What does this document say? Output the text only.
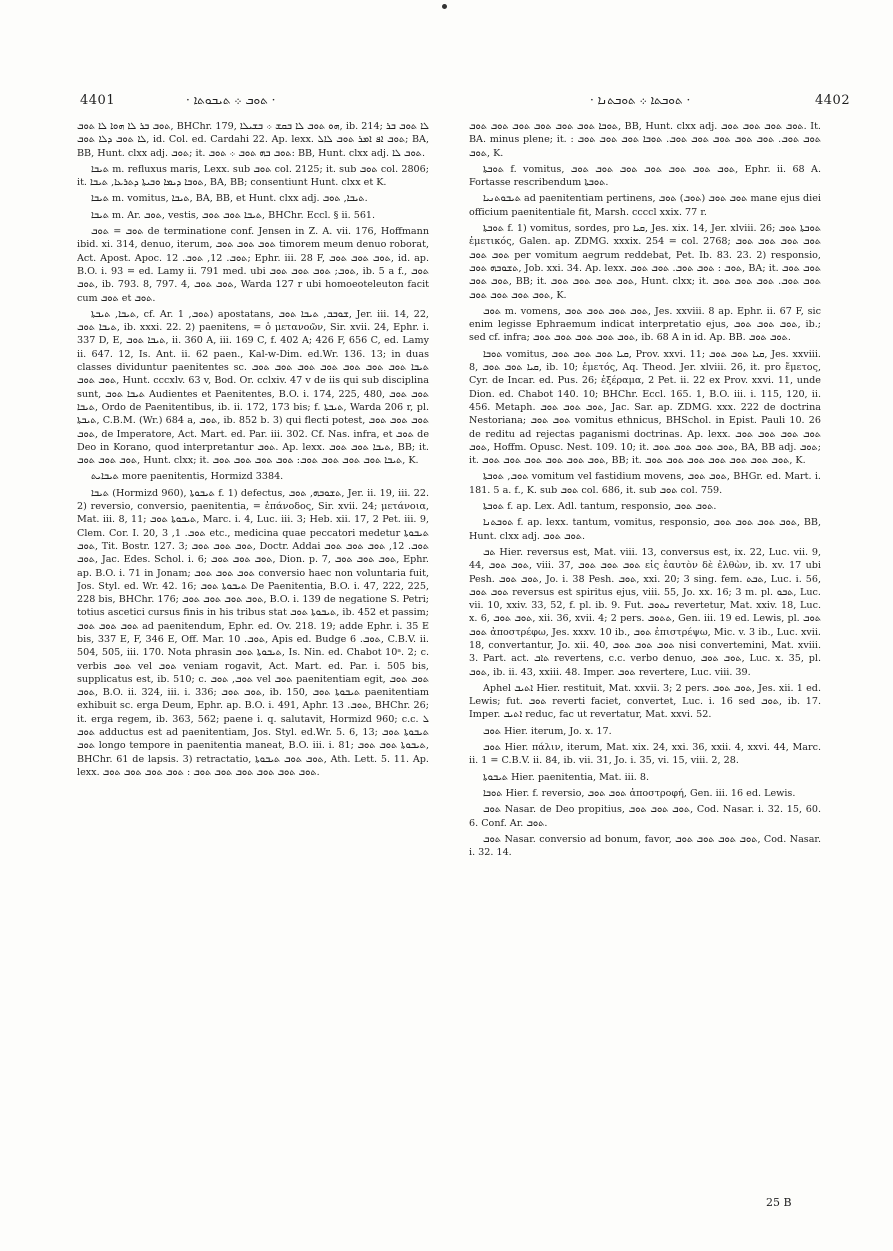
4401	· ܬܘܒ ܀ ܬܝܒܘܬܐ ·	· ܬܘܒܬܐ ܀ ܬܘܒܬܢܐ ·	4402

ܬܘܒ ܒܪ ܠܐ ܗܘܐ ܠܐ ܬܘܒ, BHChr. 179, ܗܘ ܬܘܒ ܠܐ ܒܩܫ ܀ ܒܫܝܠܐ, ib. 214; ܠܐ ܬܘܒ ܒܪ ܠܐ ܬܘܒ ܕܠܐ ܬܘܒ, id. Col. ed. Cardahi 22. Ap. lexx. ܬܘܒ ܐܦ ܐܡܪ ܬܘܒ ܠܐܠ; BA, BB, Hunt. clxx adj. ܬܘܒ; it. ܬܘܒ ܒܗ ܬܘܒ ܀ ܬܘܒ: BB, Hunt. clxx adj. ܬܘܒ ܠܐ.

ܬܝܒܐ m. refluxus maris, Lexx. sub ܬܘܒ col. 2125; it. sub ܬܘܒ col. 2806; it. ܬܘܒܐ ܕܝܡܐ ܘܒܝܬܐ ܕܬܪܥܐ, ܬܝܒܐ, BA, BB; consentiunt Hunt. clxx et K.

ܬܝܒܐ m. vomitus, ܬܝܒܐ, BA, BB, et Hunt. clxx adj. ܬܝܒܐ, ܬܘܒ.

ܬܝܒܐ m. Ar. ܬܘܒ, vestis, ܬܝܒܐ ܬܘܒ ܬܘܒ, BHChr. Eccl. § ii. 561.

ܬܘܒ = ܬܘܒ de terminatione conf. Jensen in Z. A. vii. 176, Hoffmann ibid. xi. 314, denuo, iterum, ܬܘܒ ܬܘܒ ܬܘܒ timorem meum denuo roborat, Act. Apost. Apoc. ܬܘܒ. 12, ܬܘܒ. 12; Ephr. iii. 28 F, ܬܘܒ ܬܘܒ ܬܘܒ, id. ap. B.O. i. 93 = ed. Lamy ii. 791 med. ubi ܬܘܒ; ܬܘܒ ܬܘܒ ܬܘܒ, ib. 5 a f., ܬܘܒ ܬܘܒ, ib. 793. 8, 797. 4, ܬܘܒ ܬܘܒ, Warda 127 r ubi homoeoteleuton facit cum ܬܘܒ et ܬܘܒ.

ܬܝܒܐ, ܬܝܒܬܐ, cf. Ar. ܬܘܒ, 1) apostatans, ܫܘܒܒ, ܬܝܒܐ ܬܘܒ, Jer. iii. 14, 22, ܬܝܒܐ ܬܘܒ, ib. xxxi. 22. 2) paenitens, = ὁ μετανοῶν, Sir. xvii. 24, Ephr. i. 337 D, E, ܬܝܒܐ ܬܘܒ, ii. 360 A, iii. 169 C, f. 402 A; 426 F, 656 C, ed. Lamy ii. 647. 12, Is. Ant. ii. 62 paen., Kal-w-Dim. ed.Wr. 136. 13; in duas classes dividuntur paenitentes sc. ܬܝܒܐ ܬܘܒ ܬܘܒ ܬܘܒ ܬܘܒ ܬܘܒ ܬܘܒ ܬܘܒ ܬܘܒ ܬܘܒ, Hunt. cccxlv. 63 v, Bod. Or. cclxiv. 47 v de iis qui sub disciplina sunt, ܬܝܒܐ ܬܘܒ Audientes et Paenitentes, B.O. i. 174, 225, 480, ܬܘܒ ܬܘܒ ܬܝܒܐ, Ordo de Paenitentibus, ib. ii. 172, 173 bis; f. ܬܝܒܬܐ, Warda 206 r, pl. ܬܝܒܬܐ, C.B.M. (Wr.) 684 a, ܬܘܒ, ib. 852 b. 3) qui flecti potest, ܬܘܒ ܬܘܒ ܬܘܒ ܬܘܒ, de Imperatore, Act. Mart. ed. Par. iii. 302. Cf. Nas. infra, et ܬܘܒ de Deo in Korano, quod interpretantur ܬܘܒ. Ap. lexx. ܬܝܒܐ ܬܘܒ ܬܘܒ, BB; it. ܬܘܒ ܬܘܒ ܬܘܒ, Hunt. clxx; it. ܬܝܒܐ ܬܘܒ ܬܘܒ ܬܘܒ ܬܘܒ: ܬܘܒ ܬܘܒ ܬܘܒ ܬܘܒ, K.

ܬܝܒܐܝܬ more paenitentis, Hormizd 3384.

ܬܝܒܐ (Hormizd 960), ܬܝܒܘܬܐ f. 1) defectus, ܬܫܘܒܗ, ܬܘܒ, Jer. ii. 19, iii. 22. 2) reversio, conversio, paenitentia, = ἐπάνοδος, Sir. xvii. 24; μετάνοια, Mat. iii. 8, 11; ܬܝܒܘܬܐ ܬܘܒ, Marc. i. 4, Luc. iii. 3; Heb. xii. 17, 2 Pet. iii. 9, Clem. Cor. I. 20, ܬܘܒ. 1, 3 etc., medicina quae peccatori medetur ܬܝܒܘܬܐ ܬܘܒ, Tit. Bostr. 127. 3; ܬܘܒ ܬܘܒ ܬܘܒ, Doctr. Addai ܬܘܒ. 12, ܬܘܒ ܬܘܒ ܬܘܒ ܬܘܒ, Jac. Edes. Schol. i. 6; ܬܘܒ ܬܘܒ ܬܘܒ, Dion. p. 7, ܬܘܒ ܬܘܒ ܬܘܒ, Ephr. ap. B.O. i. 71 in Jonam; ܬܘܒ ܬܘܒ ܬܘܒ conversio haec non voluntaria fuit, Jos. Styl. ed. Wr. 42. 16; ܬܝܒܘܬܐ ܬܘܒ De Paenitentia, B.O. i. 47, 222, 225, 228 bis, BHChr. 176; ܬܘܒ ܬܘܒ ܬܘܒ ܬܘܒ, B.O. i. 139 de negatione S. Petri; totius ascetici cursus finis in his tribus stat ܬܝܒܘܬܐ ܬܘܒ, ib. 452 et passim; ܬܘܒ ܬܘܒ ܬܘܒ ad paenitendum, Ephr. ed. Ov. 218. 19; adde Ephr. i. 35 E bis, 337 E, F, 346 E, Off. Mar. ܬܘܒ. 10, Apis ed. Budge ܬܘܒ. 6, C.B.V. ii. 504, 505, iii. 170. Nota phrasin ܬܝܒܘܬܐ ܬܘܒ, Is. Nin. ed. Chabot 10ᵃ. 2; c. verbis ܬܘܒ vel ܬܘܒ veniam rogavit, Act. Mart. ed. Par. i. 505 bis, supplicatus est, ib. 510; c. ܬܘܒ, ܬܘܒ vel ܬܘܒ paenitentiam egit, ܬܘܒ ܬܘܒ ܬܘܒ, B.O. ii. 324, iii. i. 336; ܬܘܒ ܬܘܒ, ib. 150, ܬܝܒܘܬܐ ܬܘܒ paenitentiam exhibuit sc. erga Deum, Ephr. ap. B.O. i. 491, Aphr. ܬܘܒ. 13, BHChr. 26; it. erga regem, ib. 363, 562; paene i. q. salutavit, Hormizd 960; c.c. ܠ ܬܘܒ adductus est ad paenitentiam, Jos. Styl. ed.Wr. 5. 6, 13; ܬܝܒܘܬܐ ܬܘܒ ܬܘܒ longo tempore in paenitentia maneat, B.O. iii. i. 81; ܬܝܒܘܬܐ ܬܘܒ ܬܘܒ, BHChr. 61 de lapsis. 3) retractatio, ܬܘܒ ܬܘܒ ܬܝܒܘܬܐ, Ath. Lett. 5. 11. Ap. lexx. ܬܘܒ ܬܘܒ ܬܘܒ ܬܘܒ ܬܘܒ ܬܘܒ : ܬܘܒ ܬܘܒ ܬܘܒ ܬܘܒ.

ܬܘܒܐ ܬܘܒ ܬܘܒ ܬܘܒ ܬܘܒ ܬܘܒ ܬܘܒ, BB, Hunt. clxx adj. ܬܘܒ ܬܘܒ ܬܘܒ ܬܘܒ. It. BA. minus plene; it. : ܬܘܒ ܬܘܒ. ܬܘܒ ܬܘܒ ܬܘܒ ܬܘܒ ܬܘܒ. ܬܘܒܐ ܬܘܒ ܬܘܒ ܬܘܒ ܬܘܒ, K.

ܬܘܒܬܐ f. vomitus, ܬܘܒ ܬܘܒ ܬܘܒ ܬܘܒ ܬܘܒ ܬܘܒ ܬܘܒ, Ephr. ii. 68 A. Fortasse rescribendum ܬܘܒܬܐ.

ܬܝܒܘܬܢܝܐ ad paenitentiam pertinens, ܬܘܒ ܬܘܒ (ܬܘܒ) ܬܘܒ mane ejus diei officium paenitentiale fit, Marsh. ccccl xxix. 77 r.

ܬܘܒܬܐ f. 1) vomitus, sordes, pro ܩܝܐ, Jes. xix. 14, Jer. xlviii. 26; ܬܘܒܬܐ ܬܘܒ ἐμετικός, Galen. ap. ZDMG. xxxix. 254 = col. 2768; ܬܘܒ ܬܘܒ ܬܘܒ ܬܘܒ ܬܘܒ ܬܘܒ per vomitum aegrum reddebat, Pet. Ib. 83. 23. 2) responsio, ܬܫܘܒܗ ܬܘܒ, Job. xxi. 34. Ap. lexx. ܬܘܒ : ܬܘܒ ܬܘܒ. ܬܘܒ ܬܘܒ, BA; it. ܬܘܒ ܬܘܒ ܬܘܒ ܬܘܒ, BB; it. ܬܘܒ ܬܘܒ ܬܘܒ ܬܘܒ, Hunt. clxx; it. ܬܘܒ ܬܘܒ. ܬܘܒ ܬܘܒ ܬܘܒ ܬܘܒ ܬܘܒ ܬܘܒ ܬܘܒ, K.

ܬܘܒ m. vomens, ܬܘܒ ܬܘܒ ܬܘܒ ܬܘܒ, Jes. xxviii. 8 ap. Ephr. ii. 67 F, sic enim legisse Ephraemum indicat interpretatio ejus, ܬܘܒ ܬܘܒ ܬܘܒ, ib.; sed cf. infra; ܬܘܒ ܬܘܒ ܬܘܒ ܬܘܒ ܬܘܒ, ib. 68 A in id. Ap. BB. ܬܘܒ ܬܘܒ.

ܬܘܒܐ vomitus, ܩܝܐ ܬܘܒ ܬܘܒ ܬܘܒ, Prov. xxvi. 11; ܩܝܐ ܬܘܒ ܬܘܒ, Jes. xxviii. 8, ܩܝܐ ܬܘܒ ܬܘܒ, ib. 10; ἐμετός, Aq. Theod. Jer. xlviii. 26, it. pro ἔμετος, Cyr. de Incar. ed. Pus. 26; ἐξέραμα, 2 Pet. ii. 22 ex Prov. xxvi. 11, unde Dion. ed. Chabot 140. 10; BHChr. Eccl. 165. 1, B.O. iii. i. 115, 120, ii. 456. Metaph. ܬܘܒ ܬܘܒ ܬܘܒ, Jac. Sar. ap. ZDMG. xxx. 222 de doctrina Nestoriana; ܬܘܒ ܬܘܒ vomitus ethnicus, BHSchol. in Epist. Pauli 10. 26 de reditu ad rejectas paganismi doctrinas. Ap. lexx. ܬܘܒ ܬܘܒ ܬܘܒ ܬܘܒ ܬܘܒ, Hoffm. Opusc. Nest. 109. 10; it. ܬܘܒ ܬܘܒ ܬܘܒ ܬܘܒ, BA, BB adj. ܬܘܒ; it. ܬܘܒ ܬܘܒ ܬܘܒ ܬܘܒ ܬܘܒ ܬܘܒ, BB; it. ܬܘܒ ܬܘܒ ܬܘܒ ܬܘܒ ܬܘܒ ܬܘܒ ܬܘܒ, K.

ܬܘܒ, ܬܘܒܬܐ vomitum vel fastidium movens, ܬܘܒ ܬܘܒ, BHGr. ed. Mart. i. 181. 5 a. f., K. sub ܬܘܒ col. 686, it. sub ܬܘܒ col. 759.

ܬܘܒܬܐ f. ap. Lex. Adl. tantum, responsio, ܬܘܒ ܬܘܒ.

ܬܘܒܬܢܐ f. ap. lexx. tantum, vomitus, responsio, ܬܘܒ ܬܘܒ ܬܘܒ ܬܘܒ, BB, Hunt. clxx adj. ܬܘܒ ܬܘܒ.

ܬܒ Hier. reversus est, Mat. viii. 13, conversus est, ix. 22, Luc. vii. 9, 44, ܬܘܒ ܬܘܒ, viii. 37, ܬܘܒ ܬܘܒ ܬܘܒ εἰς ἑαυτὸν δὲ ἐλθὼν, ib. xv. 17 ubi Pesh. ܬܘܒ ܬܘܒ, Jo. i. 38 Pesh. ܬܘܒ, xxi. 20; 3 sing. fem. ܬܒܬ, Luc. i. 56, ܬܘܒ ܬܘܒ reversus est spiritus ejus, viii. 55, Jo. xx. 16; 3 m. pl. ܬܒܘ, Luc. vii. 10, xxiv. 33, 52, f. pl. ib. 9. Fut. ܢܬܘܒ revertetur, Mat. xxiv. 18, Luc. x. 6, ܬܘܒ ܬܘܒ, xii. 36, xvii. 4; 2 pers. ܬܬܘܒ, Gen. iii. 19 ed. Lewis, pl. ܬܘܒ ܬܘܒ ἀποστρέφω, Jes. xxxv. 10 ib., ܬܘܒ ἐπιστρέψω, Mic. v. 3 ib., Luc. xvii. 18, convertantur, Jo. xii. 40, ܬܘܒ ܬܘܒ ܬܘܒ nisi convertemini, Mat. xviii. 3. Part. act. ܬܐܒ revertens, c.c. verbo denuo, ܬܘܒ ܬܘܒ, Luc. x. 35, pl. ܬܘܒ, ib. ii. 43, xxiii. 48. Imper. ܬܘܒ revertere, Luc. viii. 39.

Aphel ܐܬܝܒ Hier. restituit, Mat. xxvii. 3; 2 pers. ܬܘܒ ܬܘܒ, Jes. xii. 1 ed. Lewis; fut. ܬܘܒ reverti faciet, convertet, Luc. i. 16 sed ܬܘܒ, ib. 17. Imper. ܐܬܝܒ reduc, fac ut revertatur, Mat. xxvi. 52.

ܬܘܒ Hier. iterum, Jo. x. 17.

ܬܘܒ Hier. πάλιν, iterum, Mat. xix. 24, xxi. 36, xxii. 4, xxvi. 44, Marc. ii. 1 = C.B.V. ii. 84, ib. vii. 31, Jo. i. 35, vi. 15, viii. 2, 28.

ܬܝܒܘܬܐ Hier. paenitentia, Mat. iii. 8.

ܬܘܒܐ Hier. f. reversio, ܬܘܒ ܬܘܒ ἀποστροφή, Gen. iii. 16 ed. Lewis.

ܬܘܒ Nasar. de Deo propitius, ܬܘܒ ܬܘܒ ܬܘܒ, Cod. Nasar. i. 32. 15, 60. 6. Conf. Ar. ܬܘܒ.

ܬܘܒ Nasar. conversio ad bonum, favor, ܬܘܒ ܬܘܒ ܬܘܒ ܬܘܒ, Cod. Nasar. i. 32. 14.

25 B
